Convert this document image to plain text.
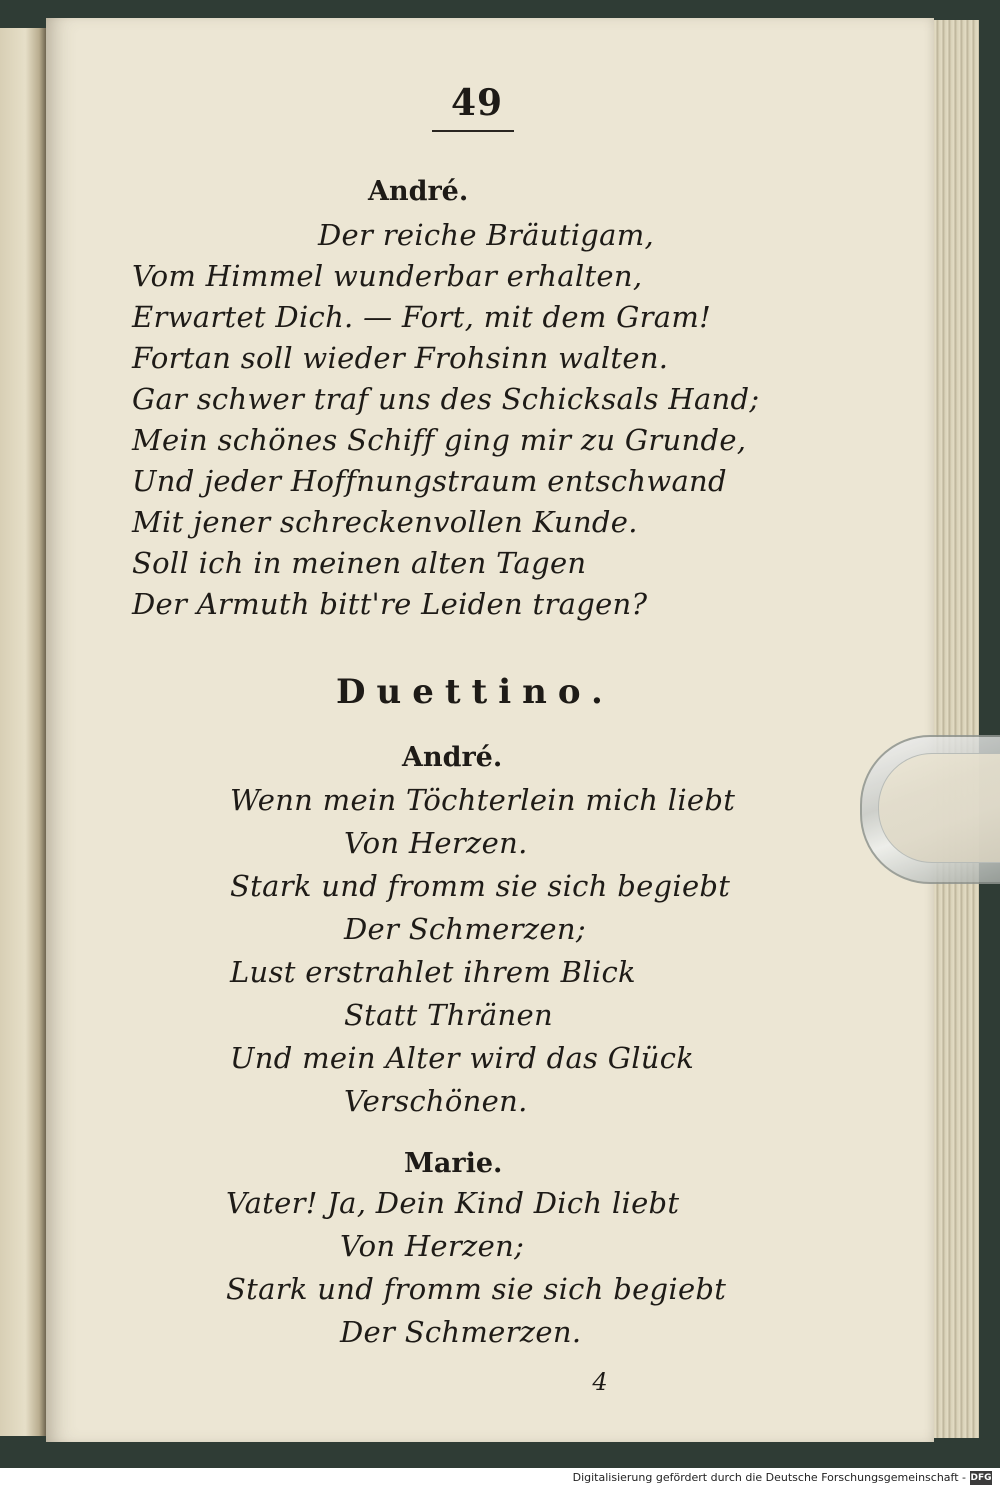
49
André.
Der reiche Bräutigam,
Vom Himmel wunderbar erhalten,
Erwartet Dich. — Fort, mit dem Gram!
Fortan soll wieder Frohsinn walten.
Gar schwer traf uns des Schicksals Hand;
Mein schönes Schiff ging mir zu Grunde,
Und jeder Hoffnungstraum entschwand
Mit jener schreckenvollen Kunde.
Soll ich in meinen alten Tagen
Der Armuth bitt're Leiden tragen?
Duettino.
André.
Wenn mein Töchterlein mich liebt
Von Herzen.
Stark und fromm sie sich begiebt
Der Schmerzen;
Lust erstrahlet ihrem Blick
Statt Thränen
Und mein Alter wird das Glück
Verschönen.
Marie.
Vater! Ja, Dein Kind Dich liebt
Von Herzen;
Stark und fromm sie sich begiebt
Der Schmerzen.
4
Digitalisierung gefördert durch die Deutsche Forschungsgemeinschaft - DFG
